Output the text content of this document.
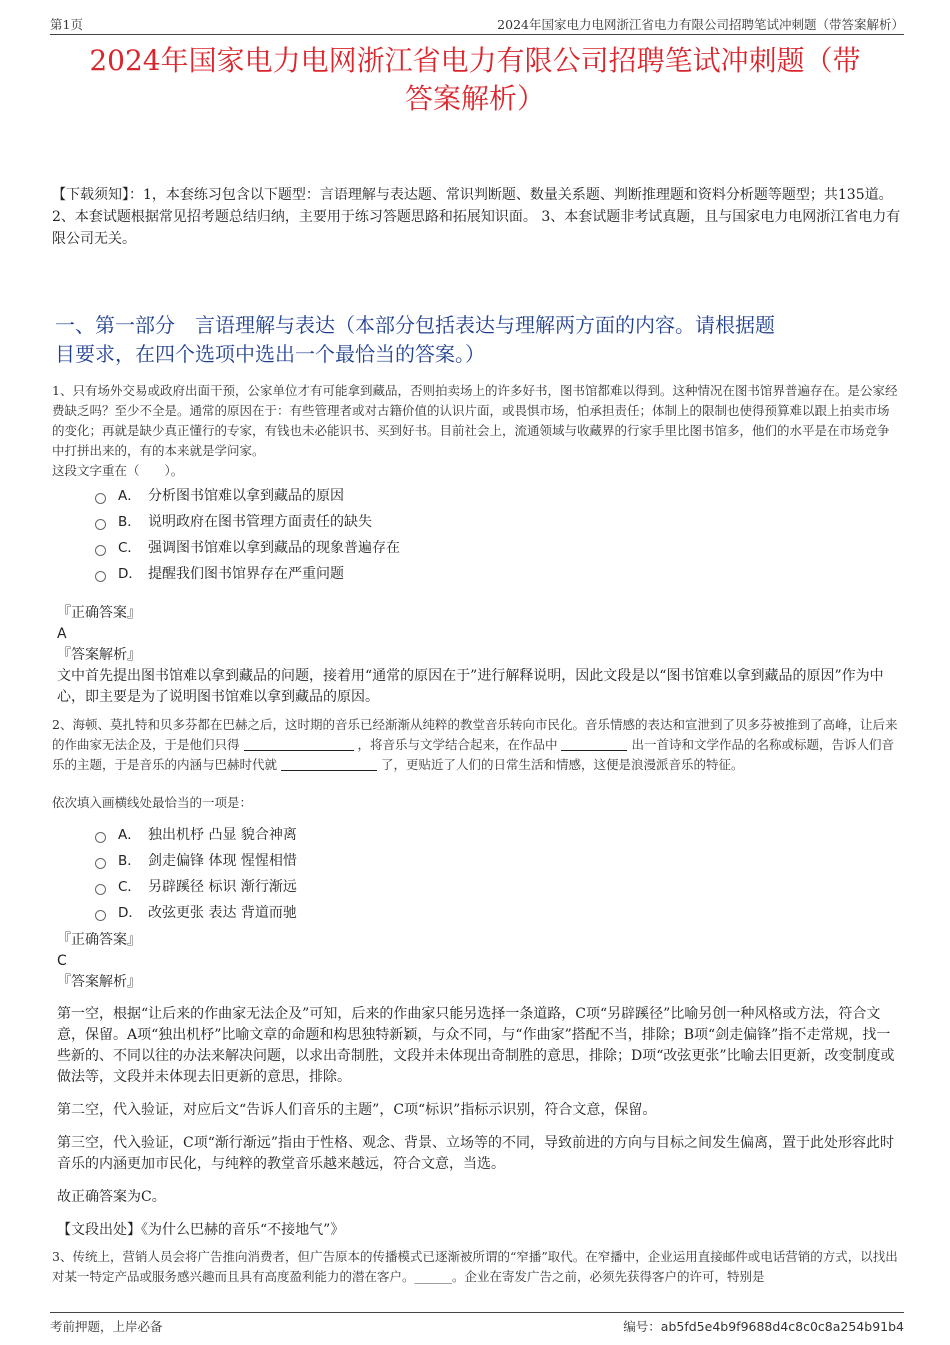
第1页	2024年国家电力电网浙江省电力有限公司招聘笔试冲刺题（带答案解析）
2024年国家电力电网浙江省电力有限公司招聘笔试冲刺题（带
答案解析）
【下载须知】：1，本套练习包含以下题型：言语理解与表达题、常识判断题、数量关系题、判断推理题和资料分析题等题型；共135道。 2、本套试题根据常见招考题总结归纳，主要用于练习答题思路和拓展知识面。 3、本套试题非考试真题，且与国家电力电网浙江省电力有限公司无关。
一、第一部分　言语理解与表达（本部分包括表达与理解两方面的内容。请根据题
目要求，在四个选项中选出一个最恰当的答案。）
1、只有场外交易或政府出面干预，公家单位才有可能拿到藏品，否则拍卖场上的许多好书，图书馆都难以得到。这种情况在图书馆界普遍存在。是公家经费缺乏吗？至少不全是。通常的原因在于：有些管理者或对古籍价值的认识片面，或畏惧市场，怕承担责任；体制上的限制也使得预算难以跟上拍卖市场的变化；再就是缺少真正懂行的专家，有钱也未必能识书、买到好书。目前社会上，流通领域与收藏界的行家手里比图书馆多，他们的水平是在市场竞争中打拼出来的，有的本来就是学问家。
这段文字重在（　　）。
A． 分析图书馆难以拿到藏品的原因
B． 说明政府在图书管理方面责任的缺失
C． 强调图书馆难以拿到藏品的现象普遍存在
D． 提醒我们图书馆界存在严重问题
『正确答案』
A
『答案解析』
文中首先提出图书馆难以拿到藏品的问题，接着用“通常的原因在于”进行解释说明，因此文段是以“图书馆难以拿到藏品的原因”作为中心，即主要是为了说明图书馆难以拿到藏品的原因。
2、海顿、莫扎特和贝多芬都在巴赫之后，这时期的音乐已经渐渐从纯粹的教堂音乐转向市民化。音乐情感的表达和宣泄到了贝多芬被推到了高峰，让后来的作曲家无法企及，于是他们只得	，将音乐与文学结合起来，在作品中	出一首诗和文学作品的名称或标题，告诉人们音乐的主题，于是音乐的内涵与巴赫时代就	了，更贴近了人们的日常生活和情感，这便是浪漫派音乐的特征。
依次填入画横线处最恰当的一项是：
A． 独出机杼 凸显 貌合神离
B． 剑走偏锋 体现 惺惺相惜
C． 另辟蹊径 标识 渐行渐远
D． 改弦更张 表达 背道而驰
『正确答案』
C
『答案解析』
第一空，根据“让后来的作曲家无法企及”可知，后来的作曲家只能另选择一条道路，C项“另辟蹊径”比喻另创一种风格或方法，符合文意，保留。A项“独出机杼”比喻文章的命题和构思独特新颖，与众不同，与“作曲家”搭配不当，排除；B项“剑走偏锋”指不走常规，找一些新的、不同以往的办法来解决问题，以求出奇制胜，文段并未体现出奇制胜的意思，排除；D项“改弦更张”比喻去旧更新，改变制度或做法等，文段并未体现去旧更新的意思，排除。
第二空，代入验证，对应后文“告诉人们音乐的主题”，C项“标识”指标示识别，符合文意，保留。
第三空，代入验证，C项“渐行渐远”指由于性格、观念、背景、立场等的不同，导致前进的方向与目标之间发生偏离，置于此处形容此时音乐的内涵更加市民化，与纯粹的教堂音乐越来越远，符合文意，当选。
故正确答案为C。
【文段出处】《为什么巴赫的音乐“不接地气”》
3、传统上，营销人员会将广告推向消费者，但广告原本的传播模式已逐渐被所谓的“窄播”取代。在窄播中，企业运用直接邮件或电话营销的方式，以找出对某一特定产品或服务感兴趣而且具有高度盈利能力的潜在客户。______。企业在寄发广告之前，必须先获得客户的许可，特别是
考前押题，上岸必备	编号：ab5fd5e4b9f9688d4c8c0c8a254b91b4
